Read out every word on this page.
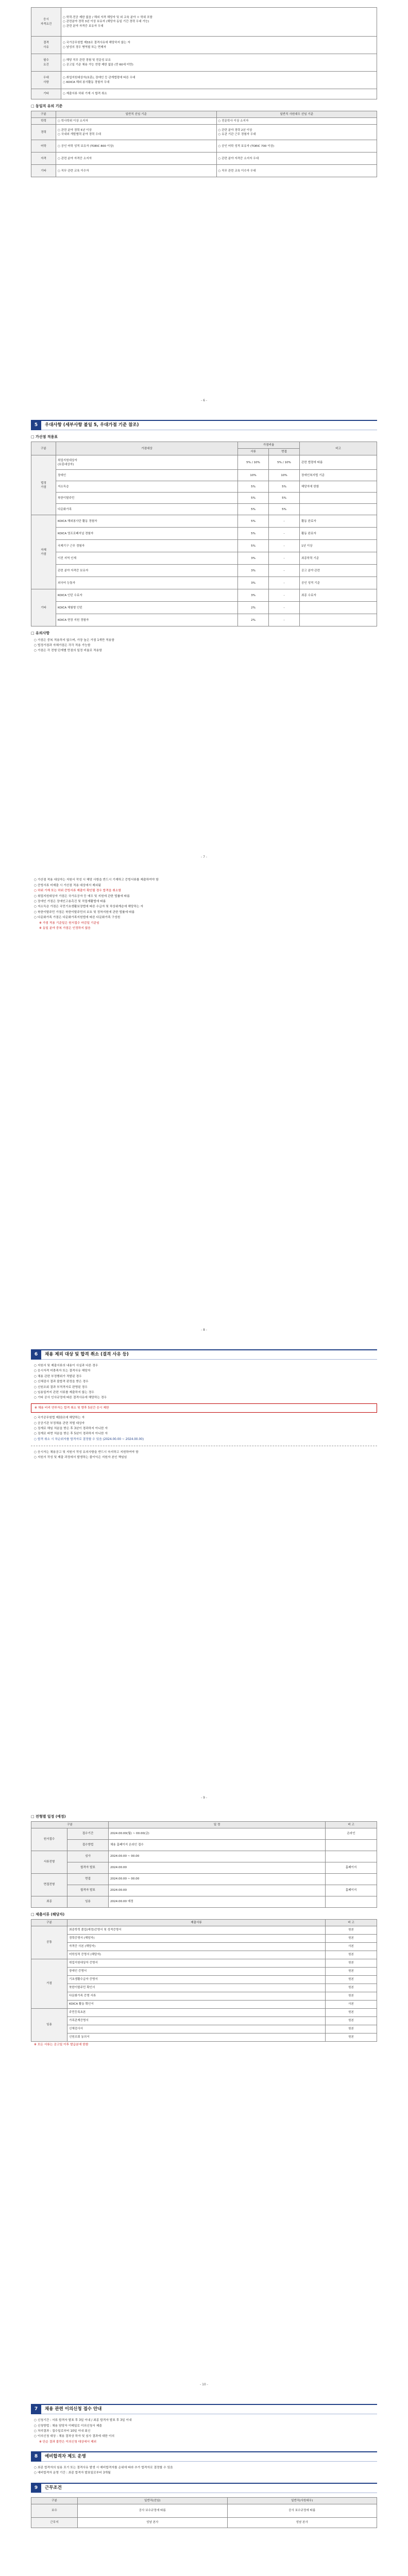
응시
자격요건	○ 학력·전공 제한 없음 / 해외 자격 해당자 및 외 교육 분야 ㅇ 학위 포함
○ 관련분야 경력 3년 이상 보유자 (해당자 동일 기간 경력 우대 가능)
○ 관련 분야 자격증 보유자 우대
결격
사유	○ 국가공무원법 제33조 결격사유에 해당하지 않는 자
○ 남성의 경우 병역필 또는 면제자
필수
요건	○ 해당 직무 관련 경험 및 전문성 보유
○ 공고일 기준 채용 가능 연령 제한 없음 (만 60세 미만)
우대
사항	○ 취업지원대상자(보훈), 장애인 등 관계법령에 따른 우대
○ KOICA 해외 봉사활동 경험자 우대
기타	○ 제출서류 허위 기재 시 합격 취소
□ 동일직 유의 기준
구분	일반직 선임 기준	일반직 사원대우 선임 기준
학력	○ 학사학위 이상 소지자	○ 전문학사 이상 소지자
경력	○ 관련 분야 경력 5년 이상
○ 국내외 개발협력 분야 경력 우대	○ 관련 분야 경력 2년 이상
○ 유관 기관 근무 경험자 우대
어학	○ 공인 어학 성적 보유자 (TOEIC 800 이상)	○ 공인 어학 성적 보유자 (TOEIC 700 이상)
자격	○ 관련 분야 자격증 소지자	○ 관련 분야 자격증 소지자 우대
기타	○ 직무 관련 교육 이수자	○ 직무 관련 교육 이수자 우대
- 6 -
5	우대사항 (세부사항 불일 5, 우대가점 기준 참조)
□ 가산점 적용표
구분	가점대상	가점비율		비고
		서류	면접	
법정
가점	취업지원대상자
(보훈대상자)	5% / 10%	5% / 10%	관련 법령에 따름
	장애인	10%	10%	장애인복지법 기준
	저소득층	5%	5%	해당자에 한함
	북한이탈주민	5%	5%	
	다문화가족	5%	5%	
자체
가점	KOICA 해외봉사단 활동 경험자	5%	-	활동 완료자
	KOICA 영프로페셔널 경험자	5%	-	활동 완료자
	국제기구 근무 경험자	5%	-	1년 이상
	이전 지역 인재	3%	-	최종학력 기준
	관련 분야 자격증 보유자	3%	-	공고 분야 관련
	외국어 능통자	3%	-	공인 성적 기준
기타	KOICA 인턴 수료자	3%	-	최종 수료자
	KOICA 체험형 인턴	2%	-	
	KOICA 현장 지원 경험자	2%	-	
□ 유의사항
○ 가점은 중복 적용하지 않으며, 가장 높은 가점 1개만 적용함
○ 법정가점과 자체가점은 각각 적용 가능함
○ 가점은 각 전형 단계별 만점의 일정 비율로 적용함
- 7 -
○ 가산점 적용 대상자는 지원서 작성 시 해당 사항을 반드시 기재하고 증빙서류를 제출하여야 함
○ 증빙서류 미제출 시 가산점 적용 대상에서 제외됨
○ 허위 기재 또는 허위 증빙서류 제출이 확인될 경우 합격을 취소함
○ 취업지원대상자 가점은 국가유공자 등 예우 및 지원에 관한 법률에 따름
○ 장애인 가점은 장애인고용촉진 및 직업재활법에 따름
○ 저소득층 가점은 국민기초생활보장법에 따른 수급자 및 차상위계층에 해당하는 자
○ 북한이탈주민 가점은 북한이탈주민의 보호 및 정착지원에 관한 법률에 따름
○ 다문화가족 가점은 다문화가족지원법에 따른 다문화가족 구성원
※ 가점 적용 기준일은 원서접수 마감일 기준임
※ 동일 분야 중복 가점은 인정하지 않음
- 8 -
6	채용 제외 대상 및 합격 취소 (결격 사유 등)
○ 지원서 및 제출서류의 내용이 사실과 다른 경우
○ 응시자격 미충족자 또는 결격사유 해당자
○ 채용 관련 부정행위가 적발된 경우
○ 신체검사 결과 불합격 판정을 받은 경우
○ 신원조회 결과 부적격자로 판명된 경우
○ 임용일까지 관련 서류를 제출하지 않는 경우
○ 기타 공사 인사규정에 따른 결격사유에 해당하는 경우
※ 채용 비리 연루자는 합격 취소 및 향후 5년간 응시 제한
○ 국가공무원법 제33조에 해당하는 자
○ 공공기관 부정채용 관련 처벌 대상자
○ 징계로 해임 처분을 받은 후 3년이 경과하지 아니한 자
○ 징계로 파면 처분을 받은 후 5년이 경과하지 아니한 자
○ 합격 취소 시 차순위자를 합격자로 결정할 수 있음 (2024.00.00 ~ 2024.00.00)
○ 응시자는 채용공고 및 지원서 작성 유의사항을 반드시 숙지하고 지원하여야 함
○ 지원서 작성 및 제출 과정에서 발생하는 불이익은 지원자 본인 책임임
- 9 -
□ 전형별 일정 (예정)
구분		일 정	비 고
원서접수	접수기간	2024.00.00(월) ~ 00.00(금)	온라인
	접수방법	채용 홈페이지 온라인 접수	
서류전형	심사	2024.00.00 ~ 00.00	
	합격자 발표	2024.00.00	홈페이지
면접전형	면접	2024.00.00 ~ 00.00	
	합격자 발표	2024.00.00	홈페이지
최종	임용	2024.00.00 예정	
□ 제출서류 (해당자)
구분	제출서류	비 고
공통	최종학력 졸업(예정)증명서 및 성적증명서	원본
	경력증명서 (해당자)	원본
	자격증 사본 (해당자)	사본
	어학성적 증명서 (해당자)	원본
가점	취업지원대상자 증명서	원본
	장애인 증명서	원본
	기초생활수급자 증명서	원본
	북한이탈주민 확인서	원본
	다문화가족 증명 서류	원본
	KOICA 활동 확인서	사본
임용	주민등록초본	원본
	가족관계증명서	원본
	신체검사서	원본
	신원조회 동의서	원본
※ 모든 서류는 공고일 이후 발급분에 한함
- 10 -
7	채용 관련 이의신청 접수 안내
○ 신청기간 : 서류 합격자 발표 후 3일 이내 / 최종 합격자 발표 후 3일 이내
○ 신청방법 : 채용 담당자 이메일로 이의신청서 제출
○ 처리결과 : 접수일로부터 10일 이내 회신
○ 이의신청 대상 : 채용 절차상 하자 및 심사 결과에 대한 이의
※ 단순 결과 불만은 이의신청 대상에서 제외
8	예비합격자 제도 운영
○ 최종 합격자의 임용 포기 또는 결격사유 발생 시 예비합격자를 순위에 따라 추가 합격자로 결정할 수 있음
○ 예비합격자 운영 기간 : 최종 합격자 발표일로부터 3개월
9	근무조건
구분	일반직(선임)	일반직(사원대우)
보수	공사 보수규정에 따름	공사 보수규정에 따름
근무지	성남 본사	성남 본사
